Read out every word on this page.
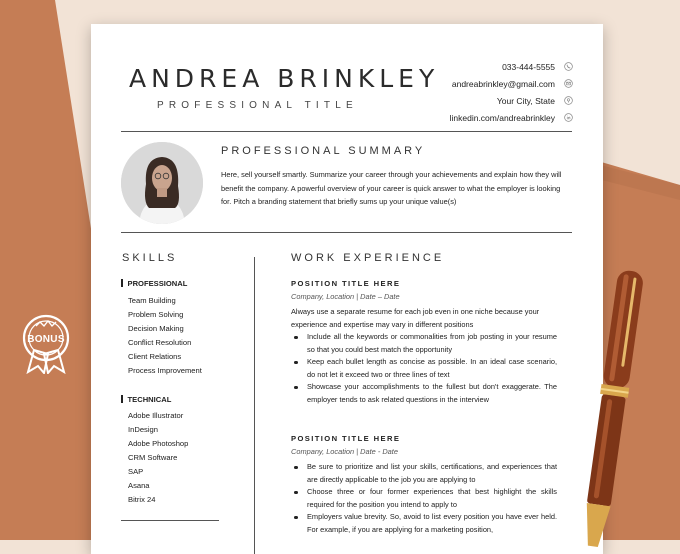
BONUS
ANDREA BRINKLEY
PROFESSIONAL TITLE
033-444-5555
andreabrinkley@gmail.com
Your City, State
linkedin.com/andreabrinkley
PROFESSIONAL SUMMARY
Here, sell yourself smartly. Summarize your career through your achievements and explain how they will benefit the company. A powerful overview of your career is quick answer to what the employer is looking for. Pitch a branding statement that briefly sums up your unique value(s)
SKILLS
PROFESSIONAL
Team Building
Problem Solving
Decision Making
Conflict Resolution
Client Relations
Process Improvement
TECHNICAL
Adobe Illustrator
InDesign
Adobe Photoshop
CRM Software
SAP
Asana
Bitrix 24
WORK EXPERIENCE
POSITION TITLE HERE
Company, Location | Date – Date
Always use a separate resume for each job even in one niche because your experience and expertise may vary in different positions
Include all the keywords or commonalities from job posting in your resume so that you could best match the opportunity
Keep each bullet length as concise as possible. In an ideal case scenario, do not let it exceed two or three lines of text
Showcase your accomplishments to the fullest but don't exaggerate. The employer tends to ask related questions in the interview
POSITION TITLE HERE
Company, Location | Date - Date
Be sure to prioritize and list your skills, certifications, and experiences that are directly applicable to the job you are applying to
Choose three or four former experiences that best highlight the skills required for the position you intend to apply to
Employers value brevity. So, avoid to list every position you have ever held. For example, if you are applying for a marketing position,
